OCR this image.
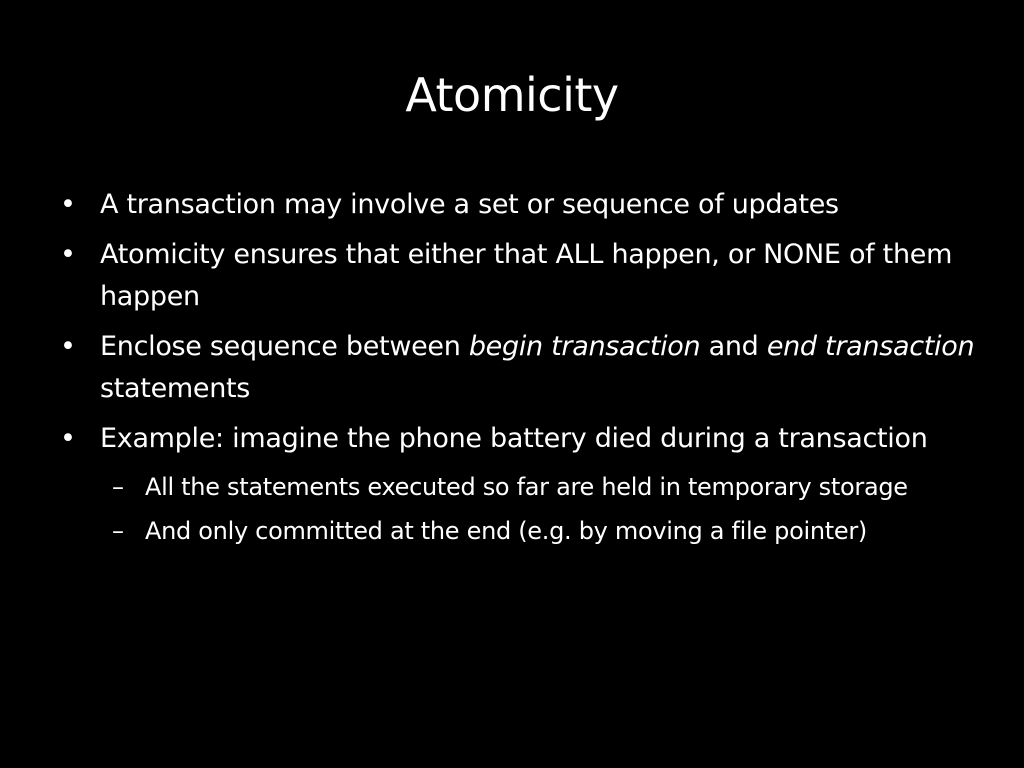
Atomicity
• A transaction may involve a set or sequence of updates
• Atomicity ensures that either that ALL happen, or NONE of them happen
• Enclose sequence between begin transaction and end transaction statements
• Example: imagine the phone battery died during a transaction
– All the statements executed so far are held in temporary storage
– And only committed at the end (e.g. by moving a file pointer)
